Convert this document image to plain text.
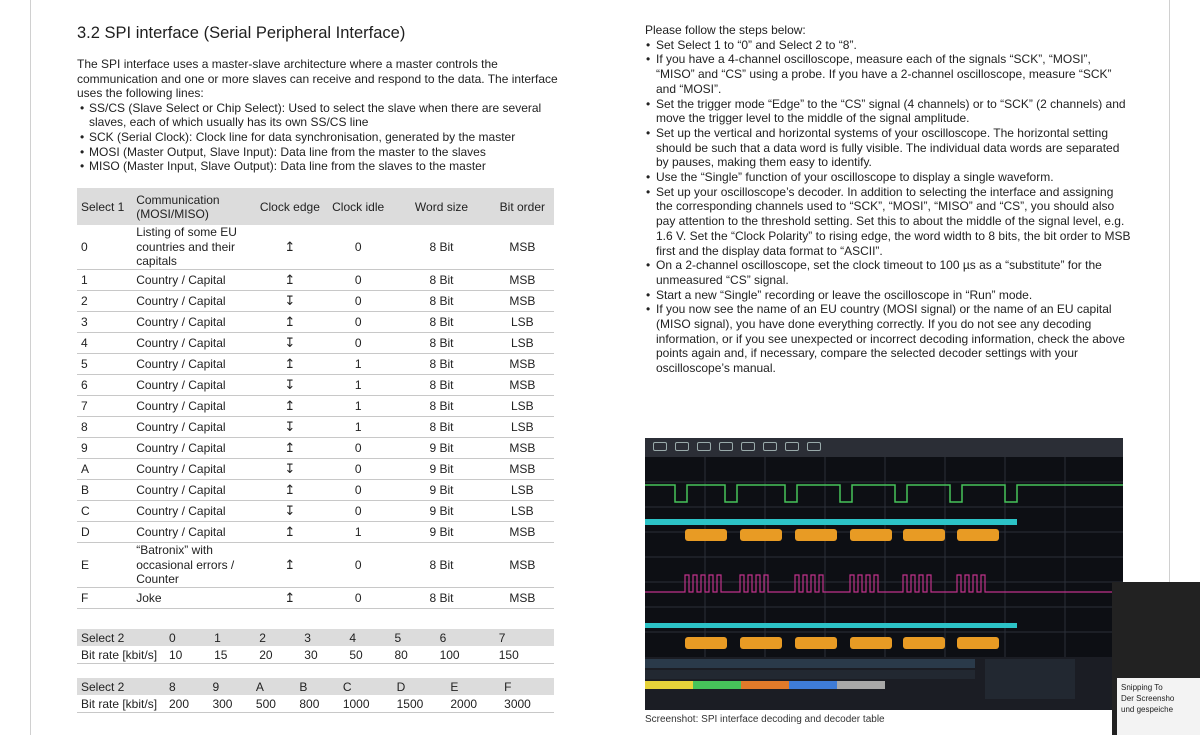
3.2 SPI interface (Serial Peripheral Interface)

The SPI interface uses a master-slave architecture where a master controls the communication and one or more slaves can receive and respond to the data. The interface uses the following lines:

• SS/CS (Slave Select or Chip Select): Used to select the slave when there are several slaves, each of which usually has its own SS/CS line
• SCK (Serial Clock): Clock line for data synchronisation, generated by the master
• MOSI (Master Output, Slave Input): Data line from the master to the slaves
• MISO (Master Input, Slave Output): Data line from the slaves to the master
Select 1	Communication (MOSI/MISO)	Clock edge	Clock idle	Word size	Bit order
0	Listing of some EU countries and their capitals	↥	0	8 Bit	MSB
1	Country / Capital	↥	0	8 Bit	MSB
2	Country / Capital	↧	0	8 Bit	MSB
3	Country / Capital	↥	0	8 Bit	LSB
4	Country / Capital	↧	0	8 Bit	LSB
5	Country / Capital	↥	1	8 Bit	MSB
6	Country / Capital	↧	1	8 Bit	MSB
7	Country / Capital	↥	1	8 Bit	LSB
8	Country / Capital	↧	1	8 Bit	LSB
9	Country / Capital	↥	0	9 Bit	MSB
A	Country / Capital	↧	0	9 Bit	MSB
B	Country / Capital	↥	0	9 Bit	LSB
C	Country / Capital	↧	0	9 Bit	LSB
D	Country / Capital	↥	1	9 Bit	MSB
E	“Batronix” with occasional errors / Counter	↥	0	8 Bit	MSB
F	Joke	↥	0	8 Bit	MSB
Select 2	0	1	2	3	4	5	6	7
Bit rate [kbit/s]	10	15	20	30	50	80	100	150
Select 2	8	9	A	B	C	D	E	F
Bit rate [kbit/s]	200	300	500	800	1000	1500	2000	3000

Please follow the steps below:

• Set Select 1 to “0” and Select 2 to “8”.
• If you have a 4-channel oscilloscope, measure each of the signals “SCK”, “MOSI”, “MISO” and “CS” using a probe. If you have a 2-channel oscilloscope, measure “SCK” and “MOSI”.
• Set the trigger mode “Edge” to the “CS” signal (4 channels) or to “SCK” (2 channels) and move the trigger level to the middle of the signal amplitude.
• Set up the vertical and horizontal systems of your oscilloscope. The horizontal setting should be such that a data word is fully visible. The individual data words are separated by pauses, making them easy to identify.
• Use the “Single” function of your oscilloscope to display a single waveform.
• Set up your oscilloscope’s decoder. In addition to selecting the interface and assigning the corresponding channels used to “SCK”, “MOSI”, “MISO” and “CS”, you should also pay attention to the threshold setting. Set this to about the middle of the signal level, e.g. 1.6 V. Set the “Clock Polarity” to rising edge, the word width to 8 bits, the bit order to MSB first and the display data format to “ASCII”.
• On a 2-channel oscilloscope, set the clock timeout to 100 µs as a “substitute” for the unmeasured “CS” signal.
• Start a new “Single” recording or leave the oscilloscope in “Run” mode.
• If you now see the name of an EU country (MOSI signal) or the name of an EU capital (MISO signal), you have done everything correctly. If you do not see any decoding information, or if you see unexpected or incorrect decoding information, check the above points again and, if necessary, compare the selected decoder settings with your oscilloscope’s manual.
Screenshot: SPI interface decoding and decoder table
Snipping To
Der Screensho
und gespeiche
